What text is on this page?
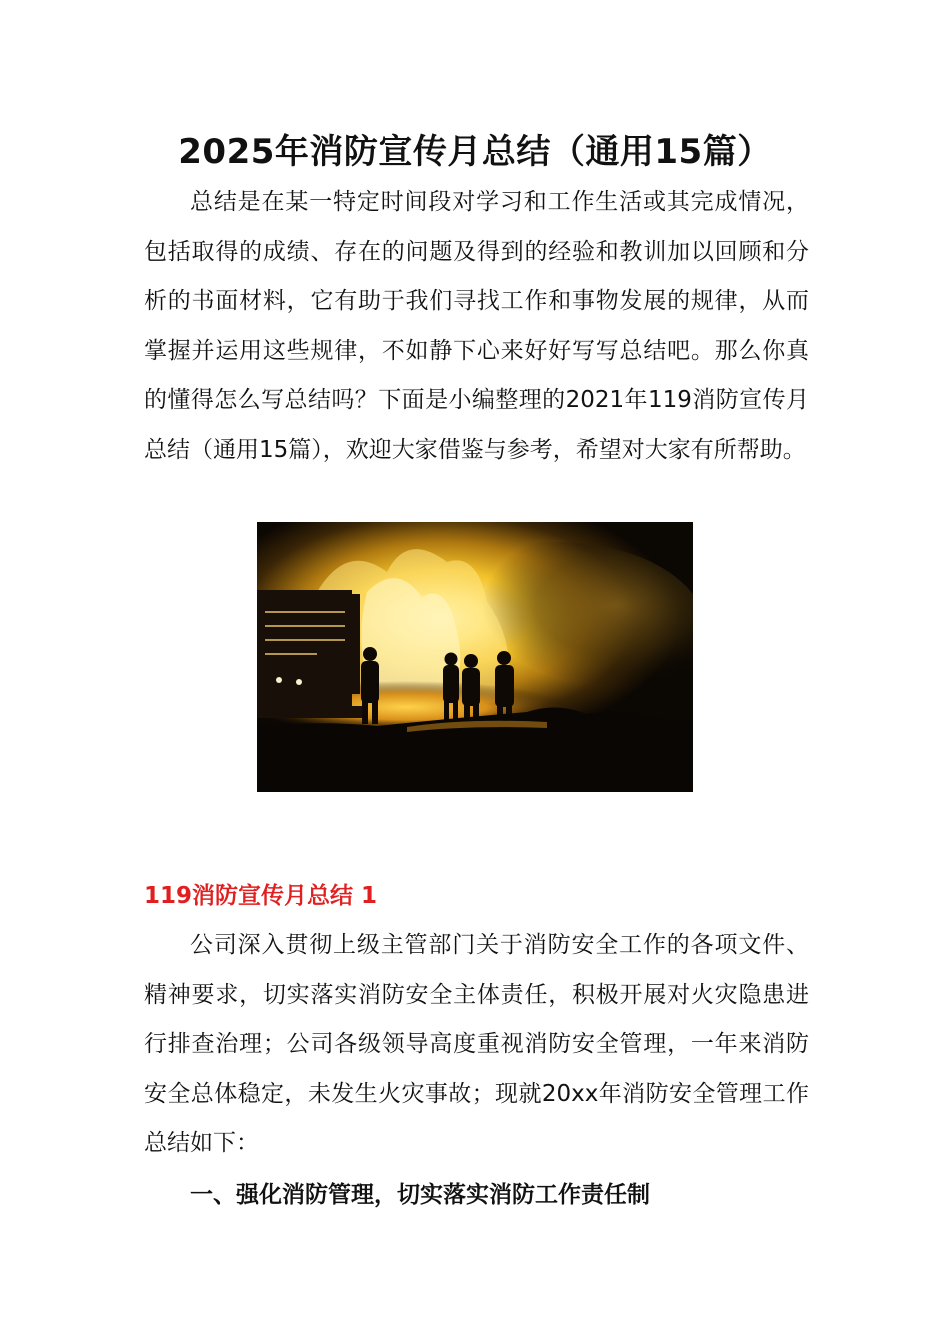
2025年消防宣传月总结（通用15篇）

总结是在某一特定时间段对学习和工作生活或其完成情况，包括取得的成绩、存在的问题及得到的经验和教训加以回顾和分析的书面材料，它有助于我们寻找工作和事物发展的规律，从而掌握并运用这些规律，不如静下心来好好写写总结吧。那么你真的懂得怎么写总结吗？下面是小编整理的2021年119消防宣传月总结（通用15篇），欢迎大家借鉴与参考，希望对大家有所帮助。

119消防宣传月总结 1

公司深入贯彻上级主管部门关于消防安全工作的各项文件、精神要求，切实落实消防安全主体责任，积极开展对火灾隐患进行排查治理；公司各级领导高度重视消防安全管理，一年来消防安全总体稳定，未发生火灾事故；现就20xx年消防安全管理工作总结如下：

一、强化消防管理，切实落实消防工作责任制
